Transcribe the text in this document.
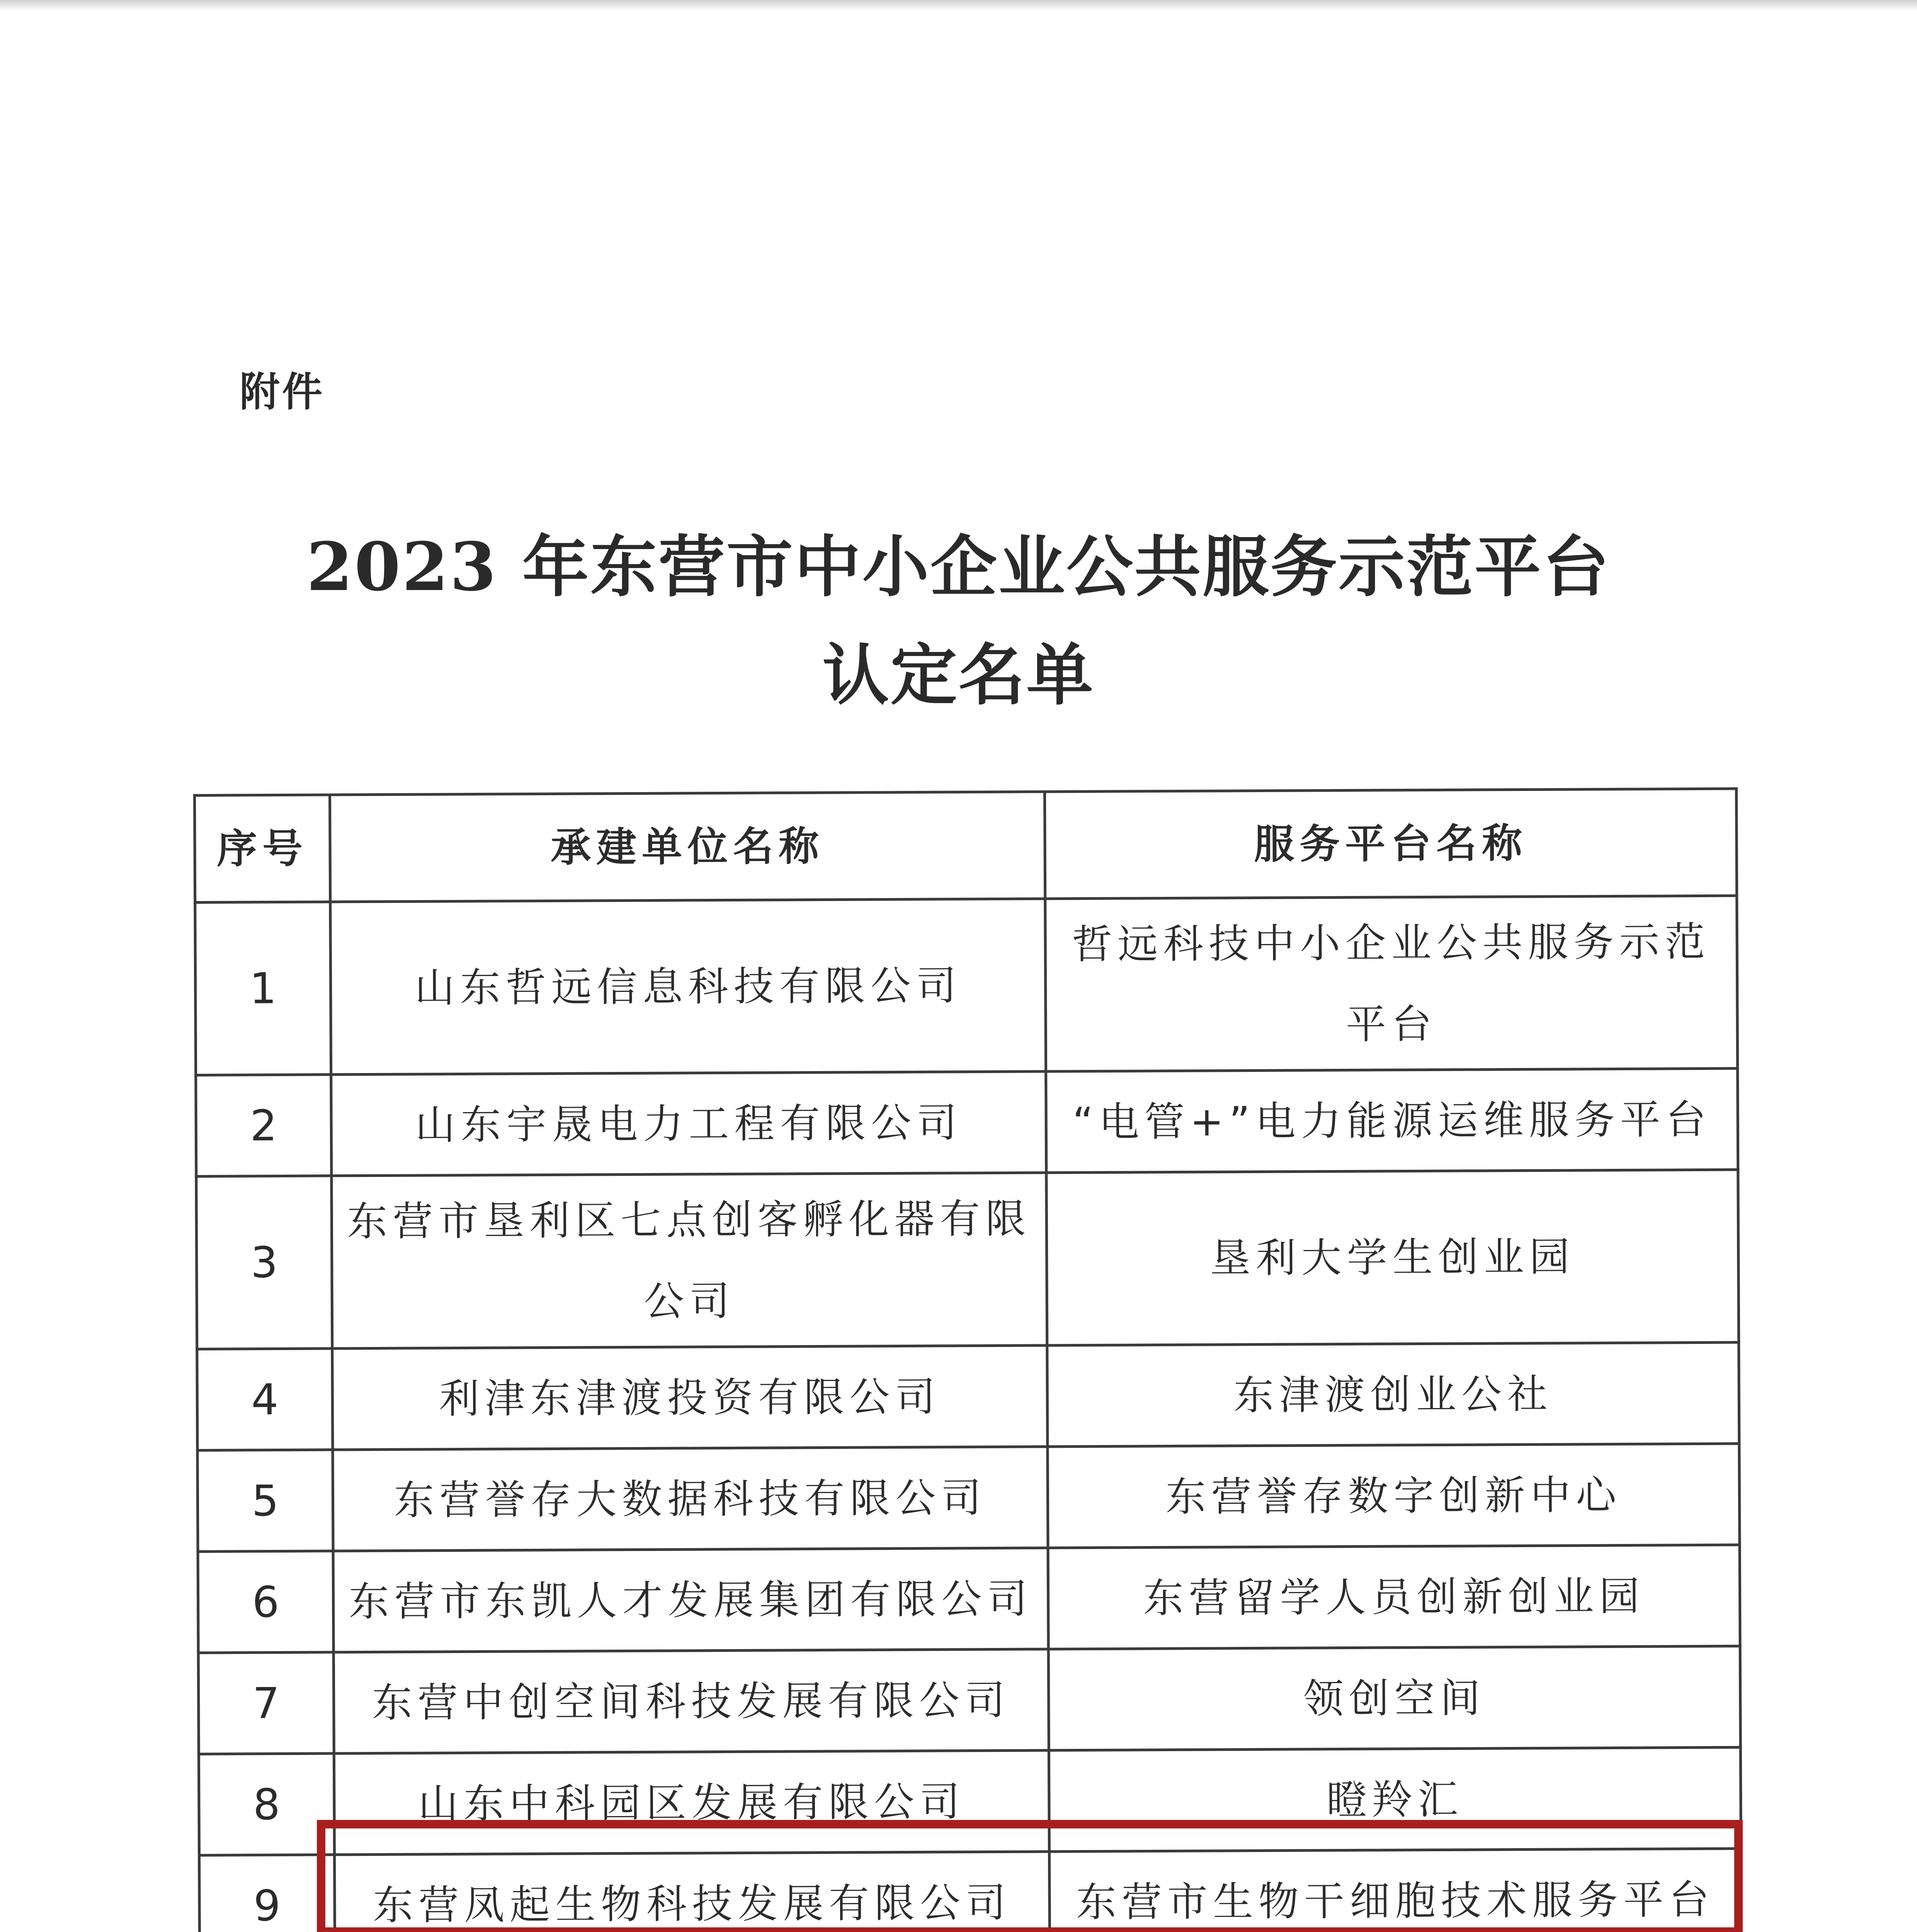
附件
2023 年东营市中小企业公共服务示范平台
认定名单
序号	承建单位名称	服务平台名称
1	山东哲远信息科技有限公司	哲远科技中小企业公共服务示范平台
2	山东宇晟电力工程有限公司	“电管+”电力能源运维服务平台
3	东营市垦利区七点创客孵化器有限公司	垦利大学生创业园
4	利津东津渡投资有限公司	东津渡创业公社
5	东营誉存大数据科技有限公司	东营誉存数字创新中心
6	东营市东凯人才发展集团有限公司	东营留学人员创新创业园
7	东营中创空间科技发展有限公司	领创空间
8	山东中科园区发展有限公司	瞪羚汇
9	东营凤起生物科技发展有限公司	东营市生物干细胞技术服务平台
